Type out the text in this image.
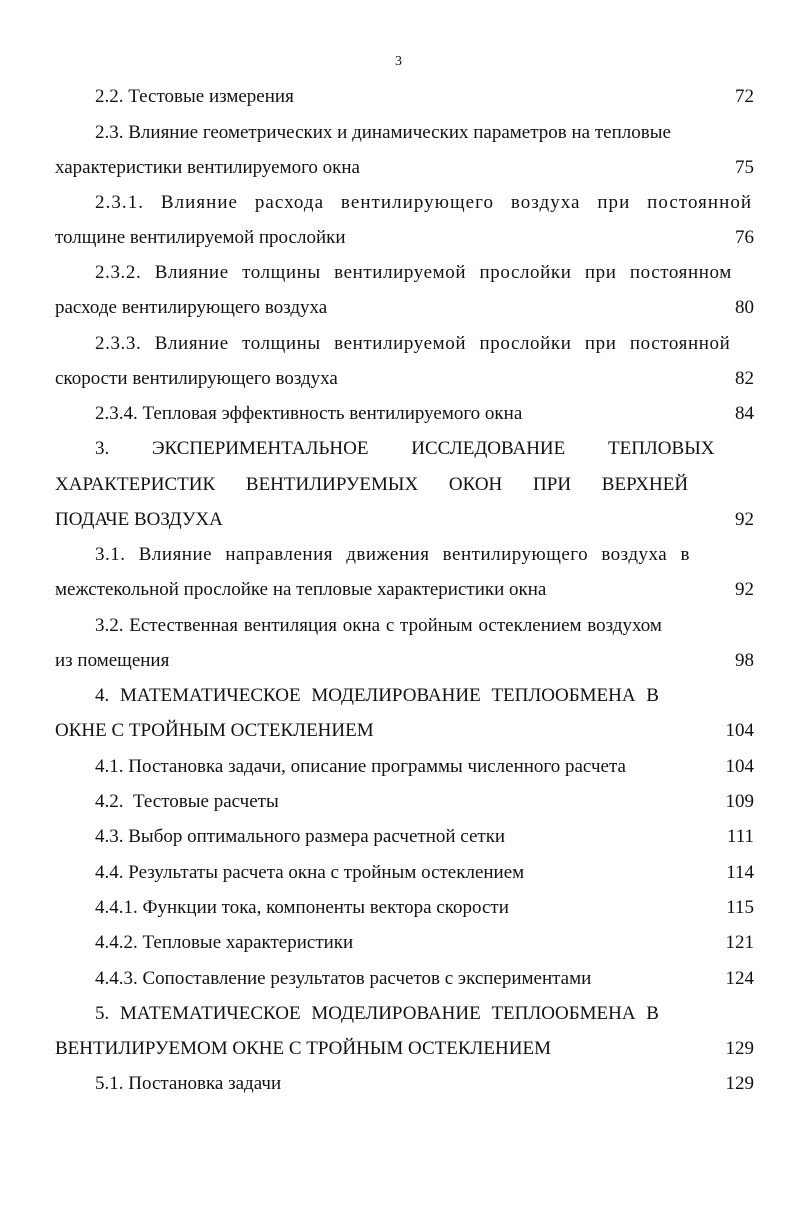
3
2.2. Тестовые измерения	72
2.3. Влияние геометрических и динамических параметров на тепловые
характеристики вентилируемого окна	75
2.3.1. Влияние расхода вентилирующего воздуха при постоянной
толщине вентилируемой прослойки	76
2.3.2. Влияние толщины вентилируемой прослойки при постоянном
расходе вентилирующего воздуха	80
2.3.3. Влияние толщины вентилируемой прослойки при постоянной
скорости вентилирующего воздуха	82
2.3.4. Тепловая эффективность вентилируемого окна	84
3. ЭКСПЕРИМЕНТАЛЬНОЕ ИССЛЕДОВАНИЕ ТЕПЛОВЫХ
ХАРАКТЕРИСТИК ВЕНТИЛИРУЕМЫХ ОКОН ПРИ ВЕРХНЕЙ
ПОДАЧЕ ВОЗДУХА	92
3.1. Влияние направления движения вентилирующего воздуха в
межстекольной прослойке на тепловые характеристики окна	92
3.2. Естественная вентиляция окна с тройным остеклением воздухом
из помещения	98
4. МАТЕМАТИЧЕСКОЕ МОДЕЛИРОВАНИЕ ТЕПЛООБМЕНА В
ОКНЕ С ТРОЙНЫМ ОСТЕКЛЕНИЕМ	104
4.1. Постановка задачи, описание программы численного расчета	104
4.2.  Тестовые расчеты	109
4.3. Выбор оптимального размера расчетной сетки	111
4.4. Результаты расчета окна с тройным остеклением	114
4.4.1. Функции тока, компоненты вектора скорости	115
4.4.2. Тепловые характеристики	121
4.4.3. Сопоставление результатов расчетов с экспериментами	124
5. МАТЕМАТИЧЕСКОЕ МОДЕЛИРОВАНИЕ ТЕПЛООБМЕНА В
ВЕНТИЛИРУЕМОМ ОКНЕ С ТРОЙНЫМ ОСТЕКЛЕНИЕМ	129
5.1. Постановка задачи	129
